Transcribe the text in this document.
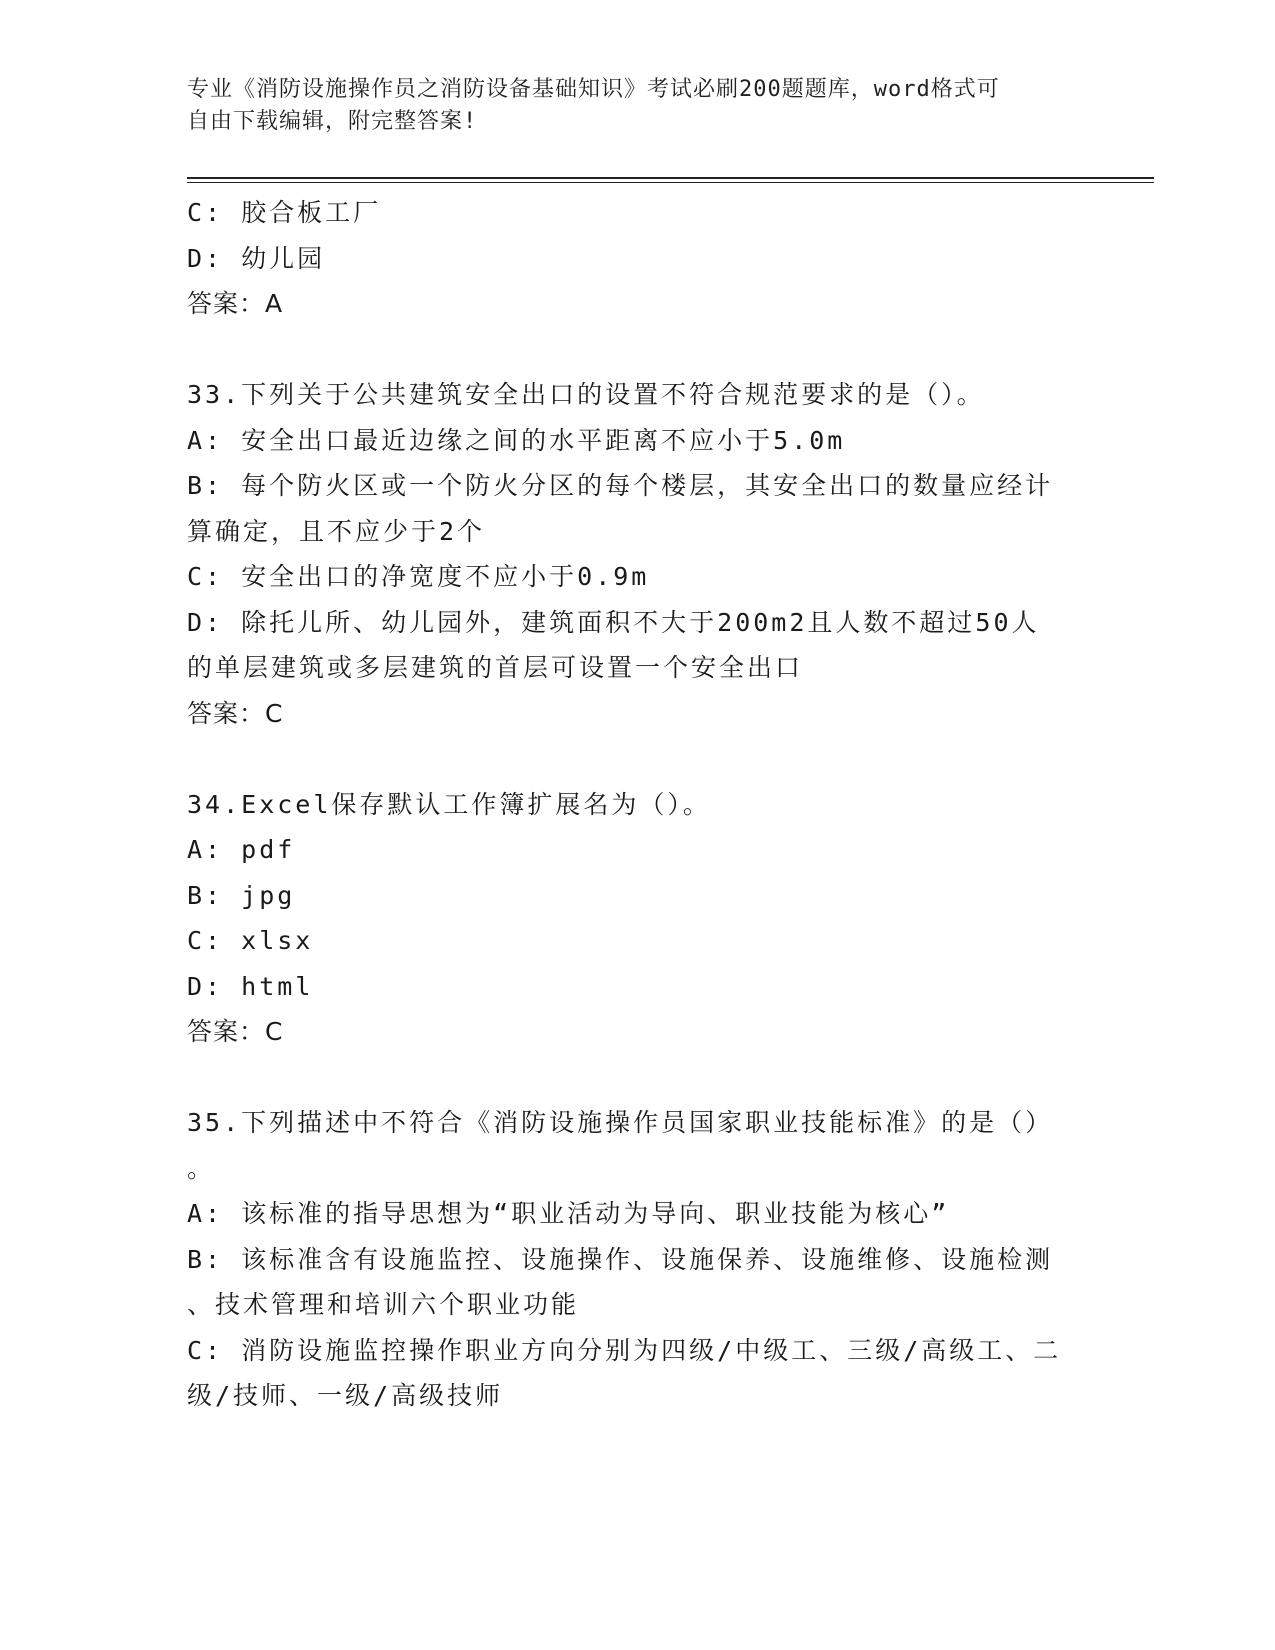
专业《消防设施操作员之消防设备基础知识》考试必刷200题题库，word格式可
自由下载编辑，附完整答案!
C: 胶合板工厂
D: 幼儿园
答案：A
33.下列关于公共建筑安全出口的设置不符合规范要求的是（）。
A: 安全出口最近边缘之间的水平距离不应小于5.0m
B: 每个防火区或一个防火分区的每个楼层，其安全出口的数量应经计
算确定，且不应少于2个
C: 安全出口的净宽度不应小于0.9m
D: 除托儿所、幼儿园外，建筑面积不大于200m2且人数不超过50人
的单层建筑或多层建筑的首层可设置一个安全出口
答案：C
34.Excel保存默认工作簿扩展名为（）。
A: pdf
B: jpg
C: xlsx
D: html
答案：C
35.下列描述中不符合《消防设施操作员国家职业技能标准》的是（）
。
A: 该标准的指导思想为“职业活动为导向、职业技能为核心”
B: 该标准含有设施监控、设施操作、设施保养、设施维修、设施检测
、技术管理和培训六个职业功能
C: 消防设施监控操作职业方向分别为四级/中级工、三级/高级工、二
级/技师、一级/高级技师
